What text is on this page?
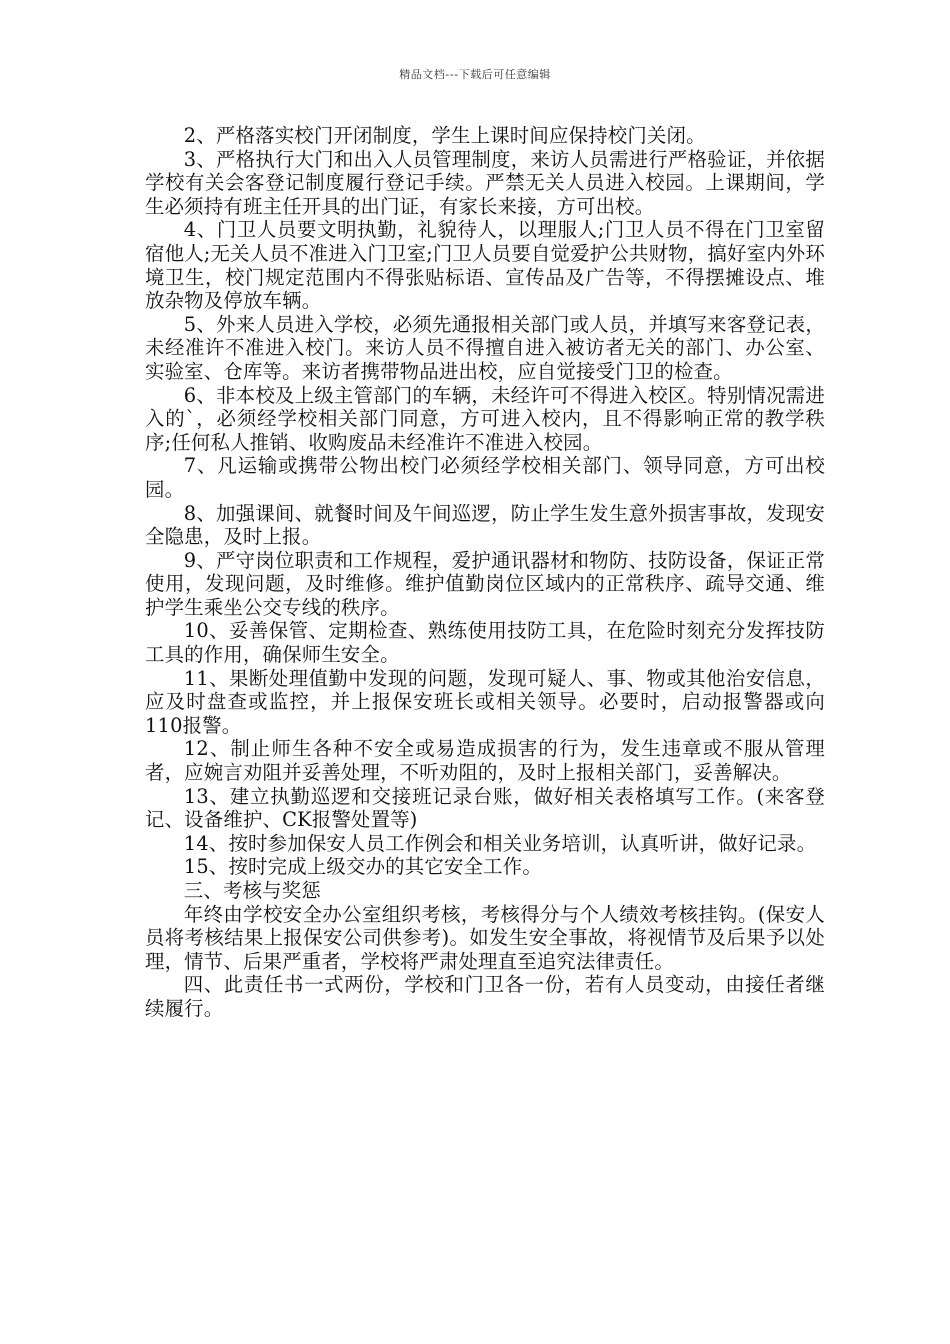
精品文档---下载后可任意编辑

2、严格落实校门开闭制度，学生上课时间应保持校门关闭。

3、严格执行大门和出入人员管理制度，来访人员需进行严格验证，并依据学校有关会客登记制度履行登记手续。严禁无关人员进入校园。上课期间，学生必须持有班主任开具的出门证，有家长来接，方可出校。

4、门卫人员要文明执勤，礼貌待人，以理服人;门卫人员不得在门卫室留宿他人;无关人员不准进入门卫室;门卫人员要自觉爱护公共财物，搞好室内外环境卫生，校门规定范围内不得张贴标语、宣传品及广告等，不得摆摊设点、堆放杂物及停放车辆。

5、外来人员进入学校，必须先通报相关部门或人员，并填写来客登记表，未经准许不准进入校门。来访人员不得擅自进入被访者无关的部门、办公室、实验室、仓库等。来访者携带物品进出校，应自觉接受门卫的检查。

6、非本校及上级主管部门的车辆，未经许可不得进入校区。特别情况需进入的`，必须经学校相关部门同意，方可进入校内，且不得影响正常的教学秩序;任何私人推销、收购废品未经准许不准进入校园。

7、凡运输或携带公物出校门必须经学校相关部门、领导同意，方可出校园。

8、加强课间、就餐时间及午间巡逻，防止学生发生意外损害事故，发现安全隐患，及时上报。

9、严守岗位职责和工作规程，爱护通讯器材和物防、技防设备，保证正常使用，发现问题，及时维修。维护值勤岗位区域内的正常秩序、疏导交通、维护学生乘坐公交专线的秩序。

10、妥善保管、定期检查、熟练使用技防工具，在危险时刻充分发挥技防工具的作用，确保师生安全。

11、果断处理值勤中发现的问题，发现可疑人、事、物或其他治安信息，应及时盘查或监控，并上报保安班长或相关领导。必要时，启动报警器或向110报警。

12、制止师生各种不安全或易造成损害的行为，发生违章或不服从管理者，应婉言劝阻并妥善处理，不听劝阻的，及时上报相关部门，妥善解决。

13、建立执勤巡逻和交接班记录台账，做好相关表格填写工作。(来客登记、设备维护、CK报警处置等)

14、按时参加保安人员工作例会和相关业务培训，认真听讲，做好记录。

15、按时完成上级交办的其它安全工作。

三、考核与奖惩

年终由学校安全办公室组织考核，考核得分与个人绩效考核挂钩。(保安人员将考核结果上报保安公司供参考)。如发生安全事故，将视情节及后果予以处理，情节、后果严重者，学校将严肃处理直至追究法律责任。

四、此责任书一式两份，学校和门卫各一份，若有人员变动，由接任者继续履行。
